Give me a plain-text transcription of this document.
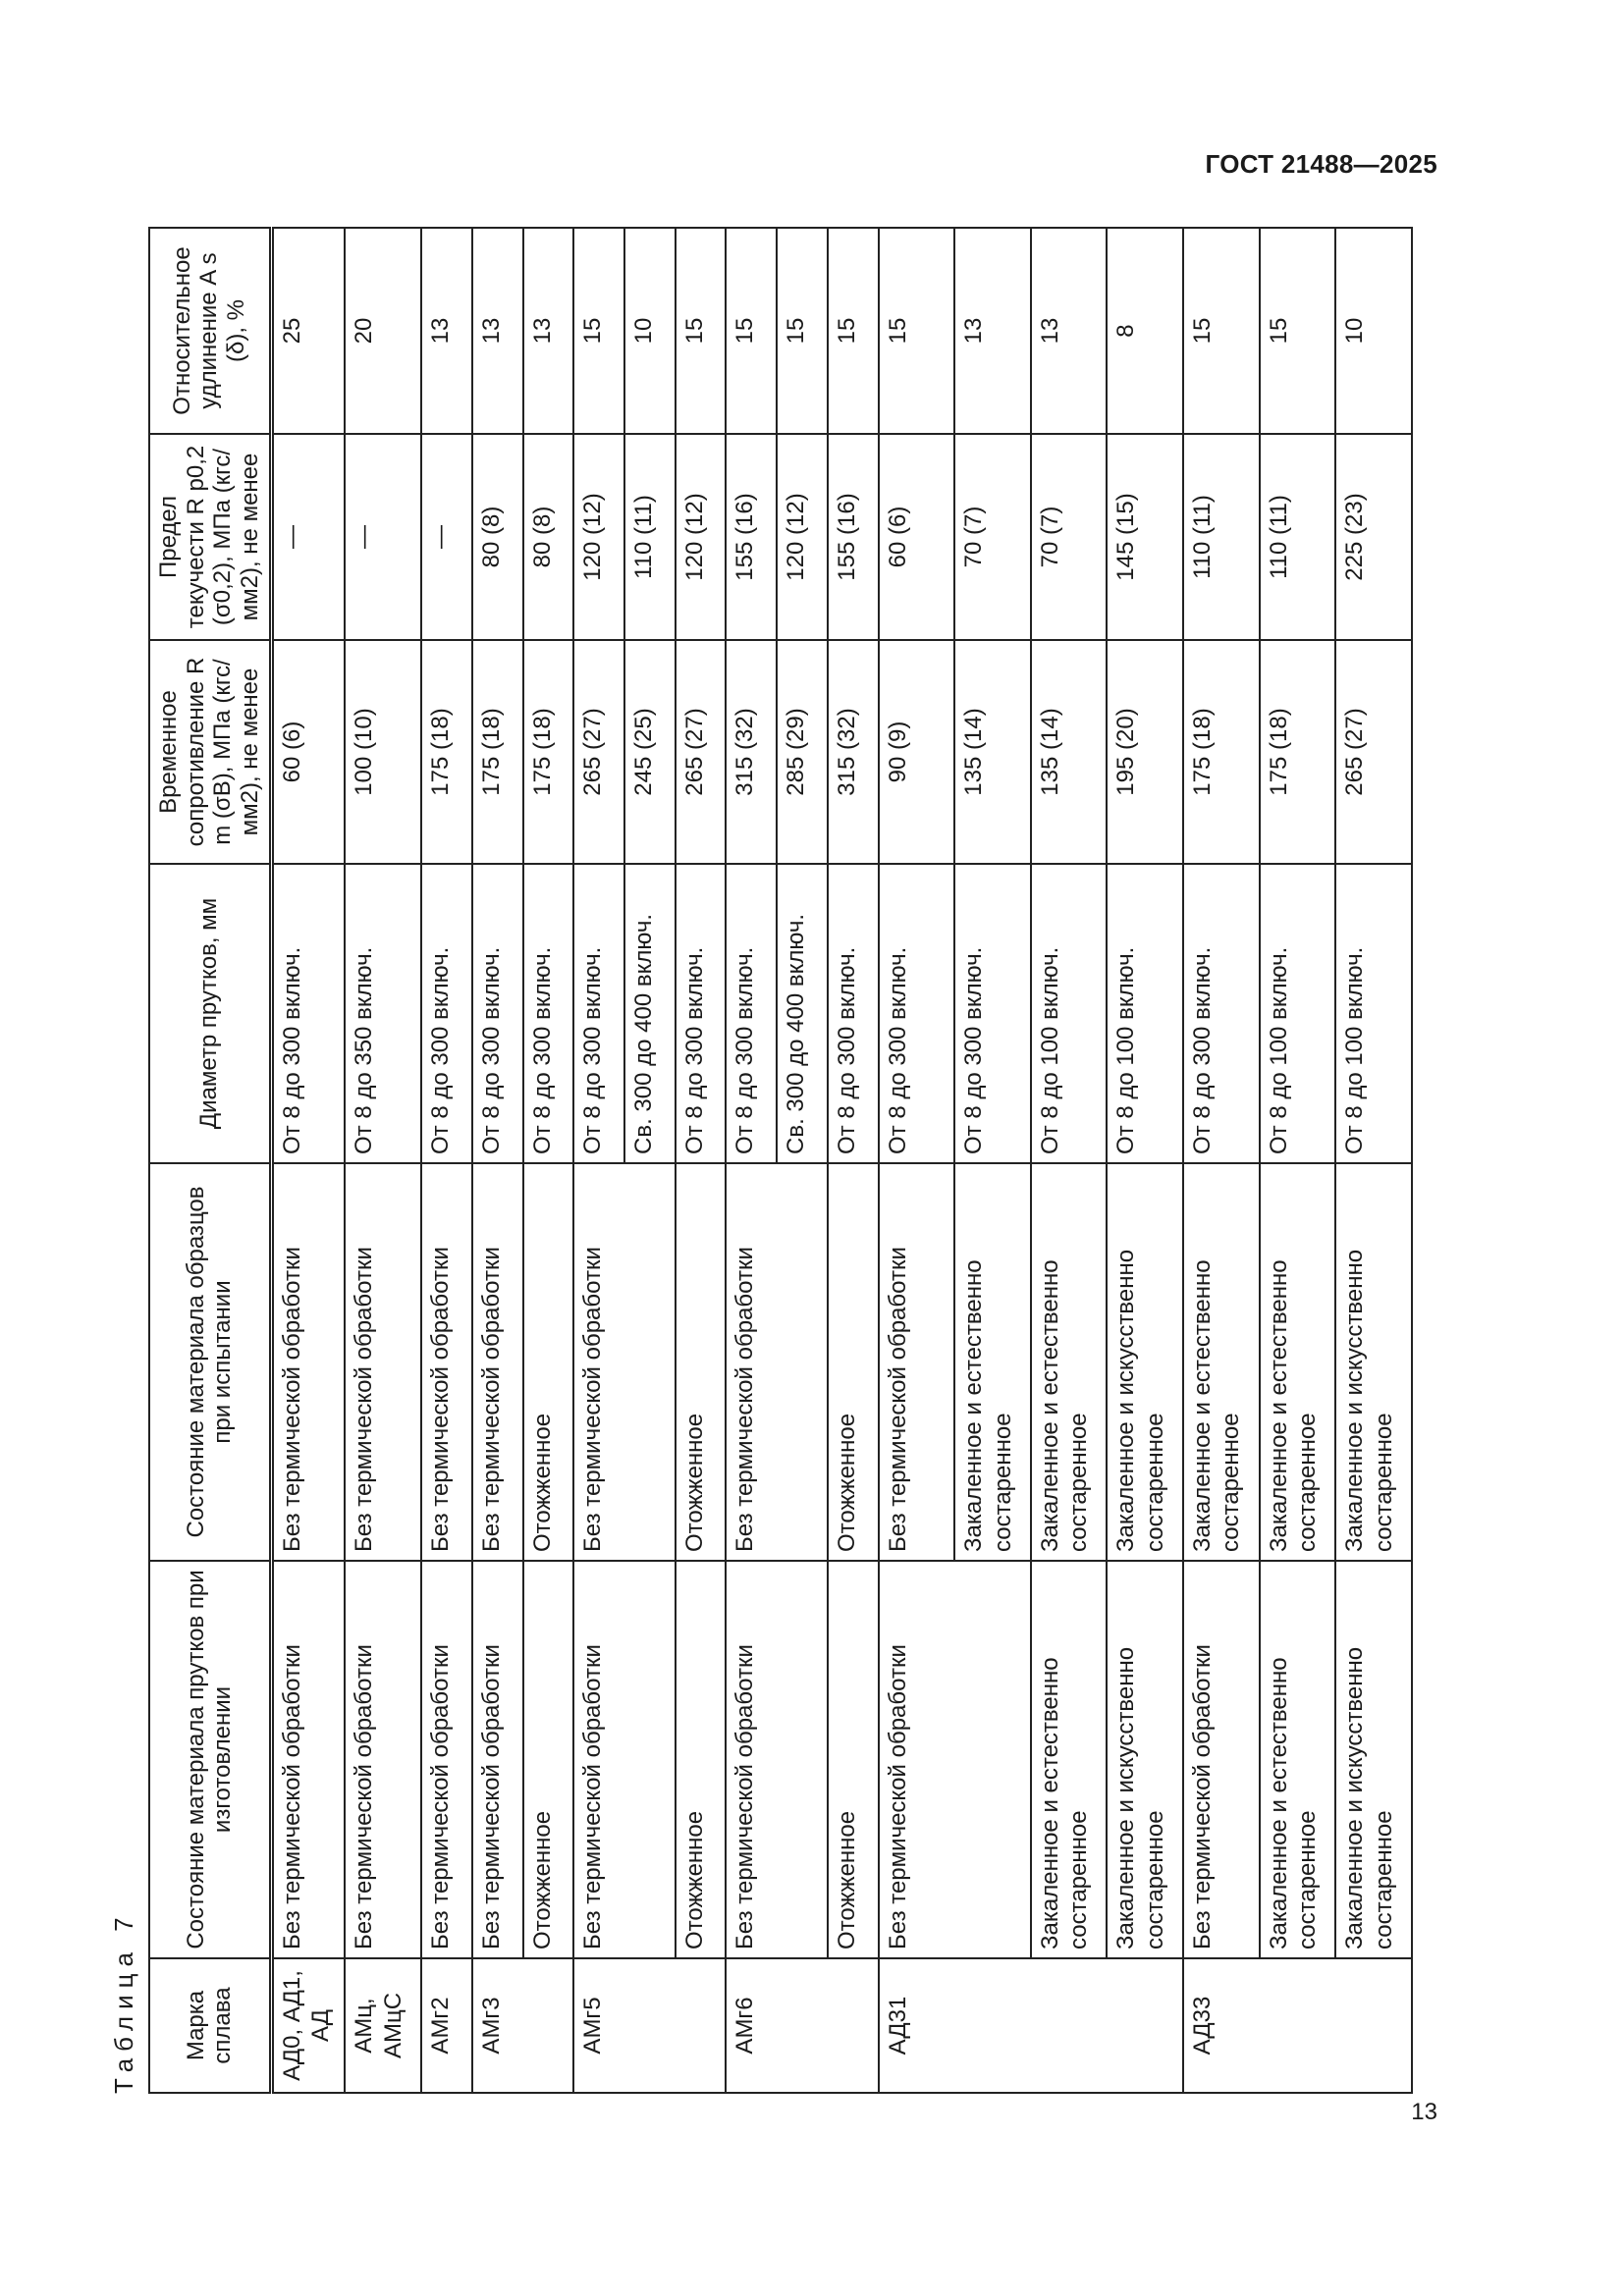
ГОСТ 21488—2025
Таблица 7	Марка сплава	Состояние материала прутков при изготовлении	Состояние материала образцов при испытании	Диаметр прутков, мм	Временное сопротивление R m (σB), МПа (кгс/мм2), не менее	Предел текучести R p0,2 (σ0,2), МПа (кгс/мм2), не менее	Относительное удлинение A s (δ), %
АД0, АД1, АД	Без термической обработки	Без термической обработки	От 8 до 300 включ.	60 (6)	—	25
АМц, АМцС	Без термической обработки	Без термической обработки	От 8 до 350 включ.	100 (10)	—	20
АМг2	Без термической обработки	Без термической обработки	От 8 до 300 включ.	175 (18)	—	13
АМг3	Без термической обработки	Без термической обработки	От 8 до 300 включ.	175 (18)	80 (8)	13
	Отожженное	Отожженное	От 8 до 300 включ.	175 (18)	80 (8)	13
АМг5	Без термической обработки	Без термической обработки	От 8 до 300 включ.	265 (27)	120 (12)	15
			Св. 300 до 400 включ.	245 (25)	110 (11)	10
	Отожженное	Отожженное	От 8 до 300 включ.	265 (27)	120 (12)	15
АМг6	Без термической обработки	Без термической обработки	От 8 до 300 включ.	315 (32)	155 (16)	15
			Св. 300 до 400 включ.	285 (29)	120 (12)	15
	Отожженное	Отожженное	От 8 до 300 включ.	315 (32)	155 (16)	15
АД31	Без термической обработки	Без термической обработки	От 8 до 300 включ.	90 (9)	60 (6)	15
		Закаленное и естественно состаренное	От 8 до 300 включ.	135 (14)	70 (7)	13
	Закаленное и естественно состаренное	Закаленное и естественно состаренное	От 8 до 100 включ.	135 (14)	70 (7)	13
	Закаленное и искусственно состаренное	Закаленное и искусственно состаренное	От 8 до 100 включ.	195 (20)	145 (15)	8
АД33	Без термической обработки	Закаленное и естественно состаренное	От 8 до 300 включ.	175 (18)	110 (11)	15
	Закаленное и естественно состаренное	Закаленное и естественно состаренное	От 8 до 100 включ.	175 (18)	110 (11)	15
	Закаленное и искусственно состаренное	Закаленное и искусственно состаренное	От 8 до 100 включ.	265 (27)	225 (23)	10
13
